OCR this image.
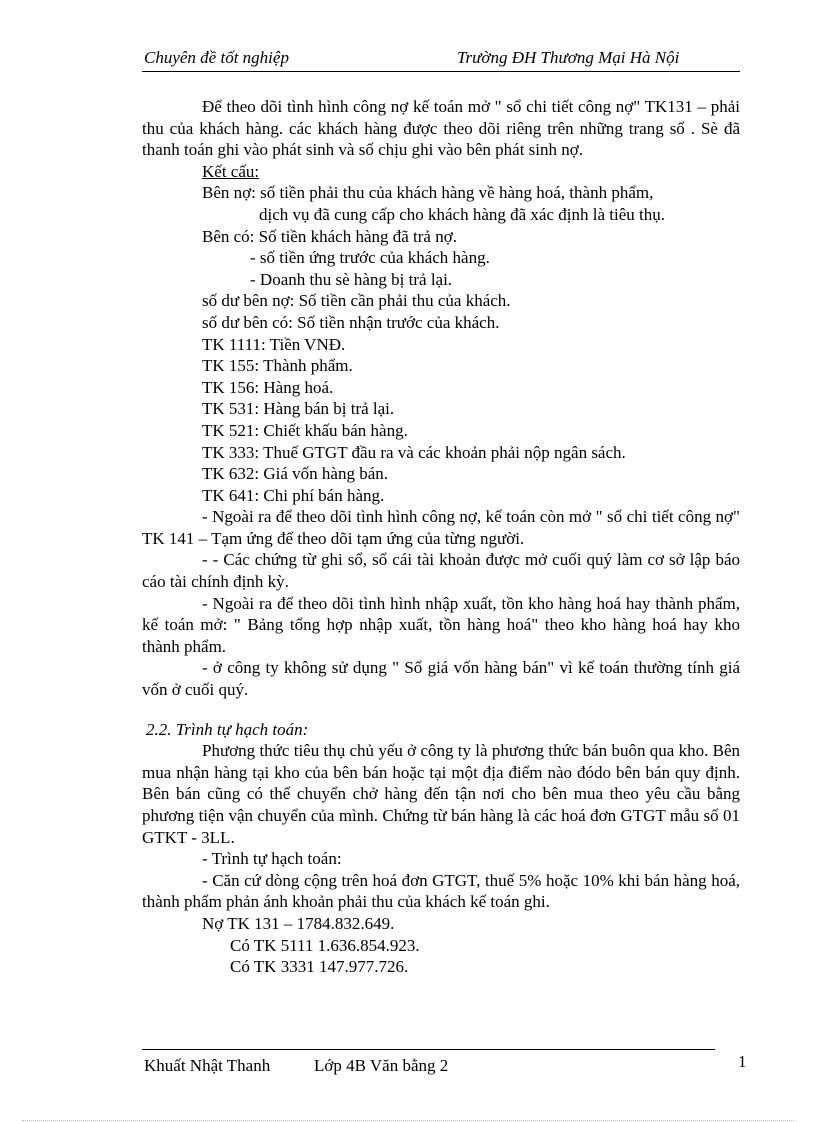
Chuyên đề tốt nghiệp	Trường ĐH Thương Mại Hà Nội

Để theo dõi tình hình công nợ kế toán mở " sổ chi tiết công nợ" TK131 – phải thu của khách hàng. các khách hàng được theo dõi riêng trên những trang sổ . Sè đã thanh toán ghi vào phát sinh và số chịu ghi vào bên phát sinh nợ.

Kết cấu:

Bên nợ: số tiền phải thu của khách hàng về hàng hoá, thành phẩm,

dịch vụ đã cung cấp cho khách hàng đã xác định là tiêu thụ.

Bên có: Số tiền khách hàng đã trả nợ.

- số tiền ứng trước của khách hàng.

- Doanh thu sè hàng bị trả lại.

số dư bên nợ: Số tiền cần phải thu của khách.

số dư bên có: Số tiền nhận trước của khách.

TK 1111: Tiền VNĐ.

TK 155: Thành phẩm.

TK 156: Hàng hoá.

TK 531: Hàng bán bị trả lại.

TK 521: Chiết khấu bán hàng.

TK 333: Thuế GTGT đầu ra và các khoản phải nộp ngân sách.

TK 632: Giá vốn hàng bán.

TK 641: Chi phí bán hàng.

- Ngoài ra để theo dõi tình hình công nợ, kế toán còn mở " sổ chi tiết công nợ" TK 141 – Tạm ứng để theo dõi tạm ứng của từng người.

- - Các chứng từ ghi sổ, sổ cái tài khoản được mở cuối quý làm cơ sở lập báo cáo tài chính định kỳ.

- Ngoài ra để theo dõi tình hình nhập xuất, tồn kho hàng hoá hay thành phẩm, kế toán mở: " Bảng tổng hợp nhập xuất, tồn hàng hoá" theo kho hàng hoá hay kho thành phẩm.

- ở công ty không sử dụng " Sổ giá vốn hàng bán" vì kế toán thường tính giá vốn ở cuối quý.

2.2. Trình tự hạch toán:

Phương thức tiêu thụ chủ yếu ở công ty là phương thức bán buôn qua kho. Bên mua nhận hàng tại kho của bên bán hoặc tại một địa điểm nào đódo bên bán quy định. Bên bán cũng có thể chuyển chở hàng đến tận nơi cho bên mua theo yêu cầu bằng phương tiện vận chuyển của mình. Chứng từ bán hàng là các hoá đơn GTGT mẫu số 01 GTKT - 3LL.

- Trình tự hạch toán:

- Căn cứ dòng cộng trên hoá đơn GTGT, thuế 5% hoặc 10% khi bán hàng hoá, thành phẩm phản ánh khoản phải thu của khách kế toán ghi.

Nợ TK 131 – 1784.832.649.

Có TK 5111 1.636.854.923.

Có TK 3331 147.977.726.

Khuất Nhật Thanh	Lớp 4B Văn bằng 2	1
